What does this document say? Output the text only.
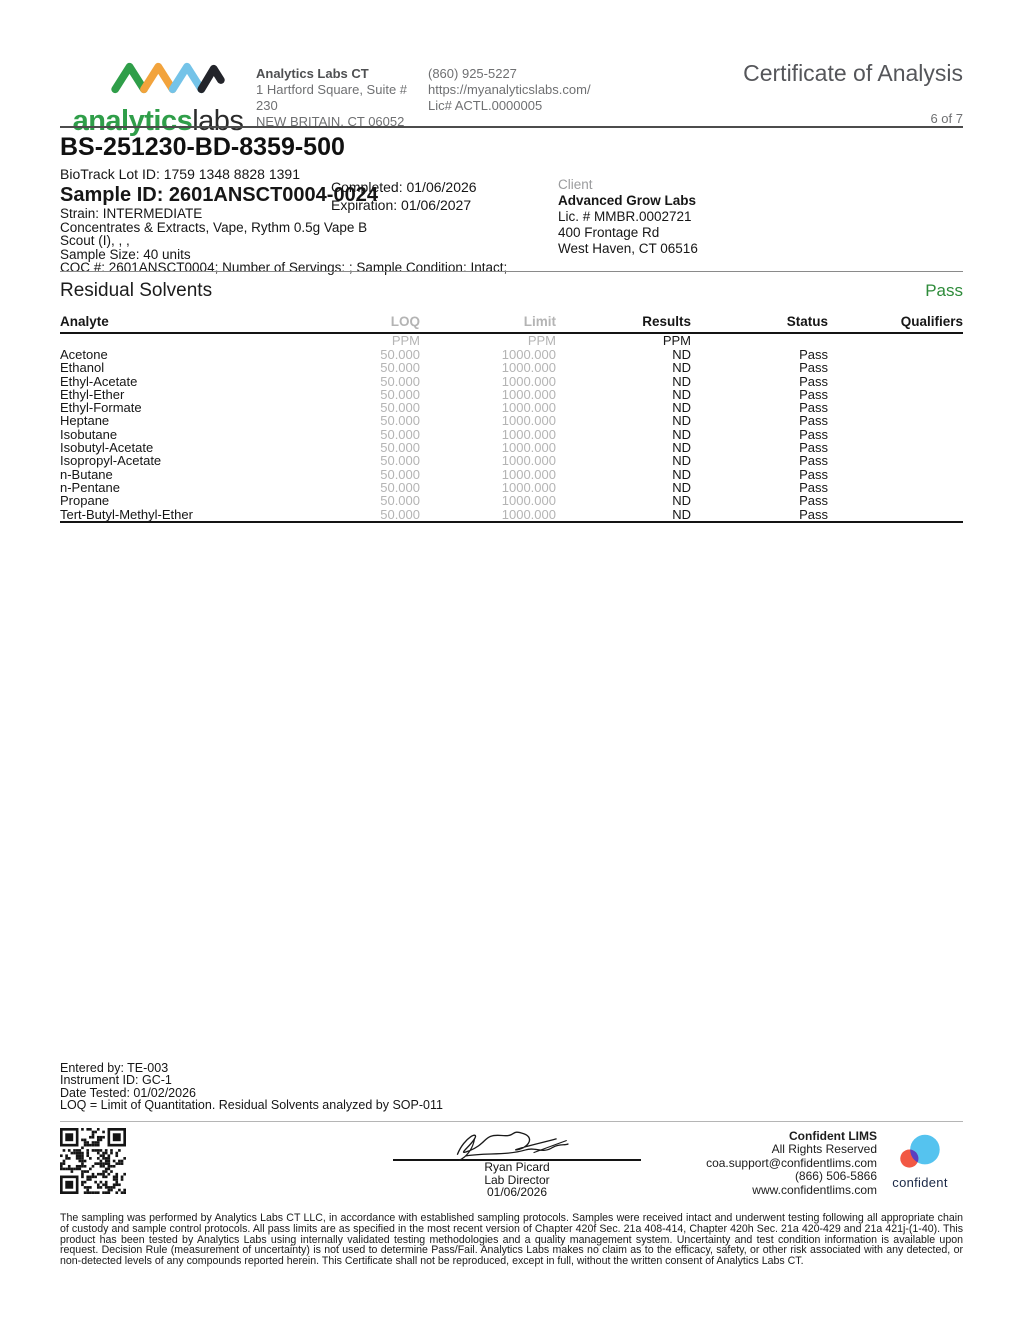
analyticslabs
Analytics Labs CT
1 Hartford Square, Suite # 230
NEW BRITAIN, CT 06052
(860) 925-5227
https://myanalyticslabs.com/
Lic# ACTL.0000005
Certificate of Analysis
6 of 7
BS-251230-BD-8359-500
BioTrack Lot ID: 1759 1348 8828 1391
Sample ID: 2601ANSCT0004-0024
Strain: INTERMEDIATE
Concentrates & Extracts, Vape, Rythm 0.5g Vape B
Scout (I), , ,
Sample Size: 40 units
COC #: 2601ANSCT0004; Number of Servings: ; Sample Condition: Intact;
Completed: 01/06/2026
Expiration: 01/06/2027
Client
Advanced Grow Labs
Lic. # MMBR.0002721
400 Frontage Rd
West Haven, CT 06516
Residual Solvents	Pass
Analyte	LOQ	Limit	Results	Status	Qualifiers
	PPM	PPM	PPM		
Acetone	50.000	1000.000	ND	Pass	
Ethanol	50.000	1000.000	ND	Pass	
Ethyl-Acetate	50.000	1000.000	ND	Pass	
Ethyl-Ether	50.000	1000.000	ND	Pass	
Ethyl-Formate	50.000	1000.000	ND	Pass	
Heptane	50.000	1000.000	ND	Pass	
Isobutane	50.000	1000.000	ND	Pass	
Isobutyl-Acetate	50.000	1000.000	ND	Pass	
Isopropyl-Acetate	50.000	1000.000	ND	Pass	
n-Butane	50.000	1000.000	ND	Pass	
n-Pentane	50.000	1000.000	ND	Pass	
Propane	50.000	1000.000	ND	Pass	
Tert-Butyl-Methyl-Ether	50.000	1000.000	ND	Pass	
Entered by: TE-003
Instrument ID: GC-1
Date Tested: 01/02/2026
LOQ = Limit of Quantitation. Residual Solvents analyzed by SOP-011
Ryan Picard
Lab Director
01/06/2026
Confident LIMS
All Rights Reserved
coa.support@confidentlims.com
(866) 506-5866
www.confidentlims.com confident
The sampling was performed by Analytics Labs CT LLC, in accordance with established sampling protocols. Samples were received intact and underwent testing following all appropriate chain of custody and sample control protocols. All pass limits are as specified in the most recent version of Chapter 420f Sec. 21a 408-414, Chapter 420h Sec. 21a 420-429 and 21a 421j-(1-40). This product has been tested by Analytics Labs using internally validated testing methodologies and a quality management system. Uncertainty and test condition information is available upon request. Decision Rule (measurement of uncertainty) is not used to determine Pass/Fail. Analytics Labs makes no claim as to the efficacy, safety, or other risk associated with any detected, or non-detected levels of any compounds reported herein. This Certificate shall not be reproduced, except in full, without the written consent of Analytics Labs CT.
